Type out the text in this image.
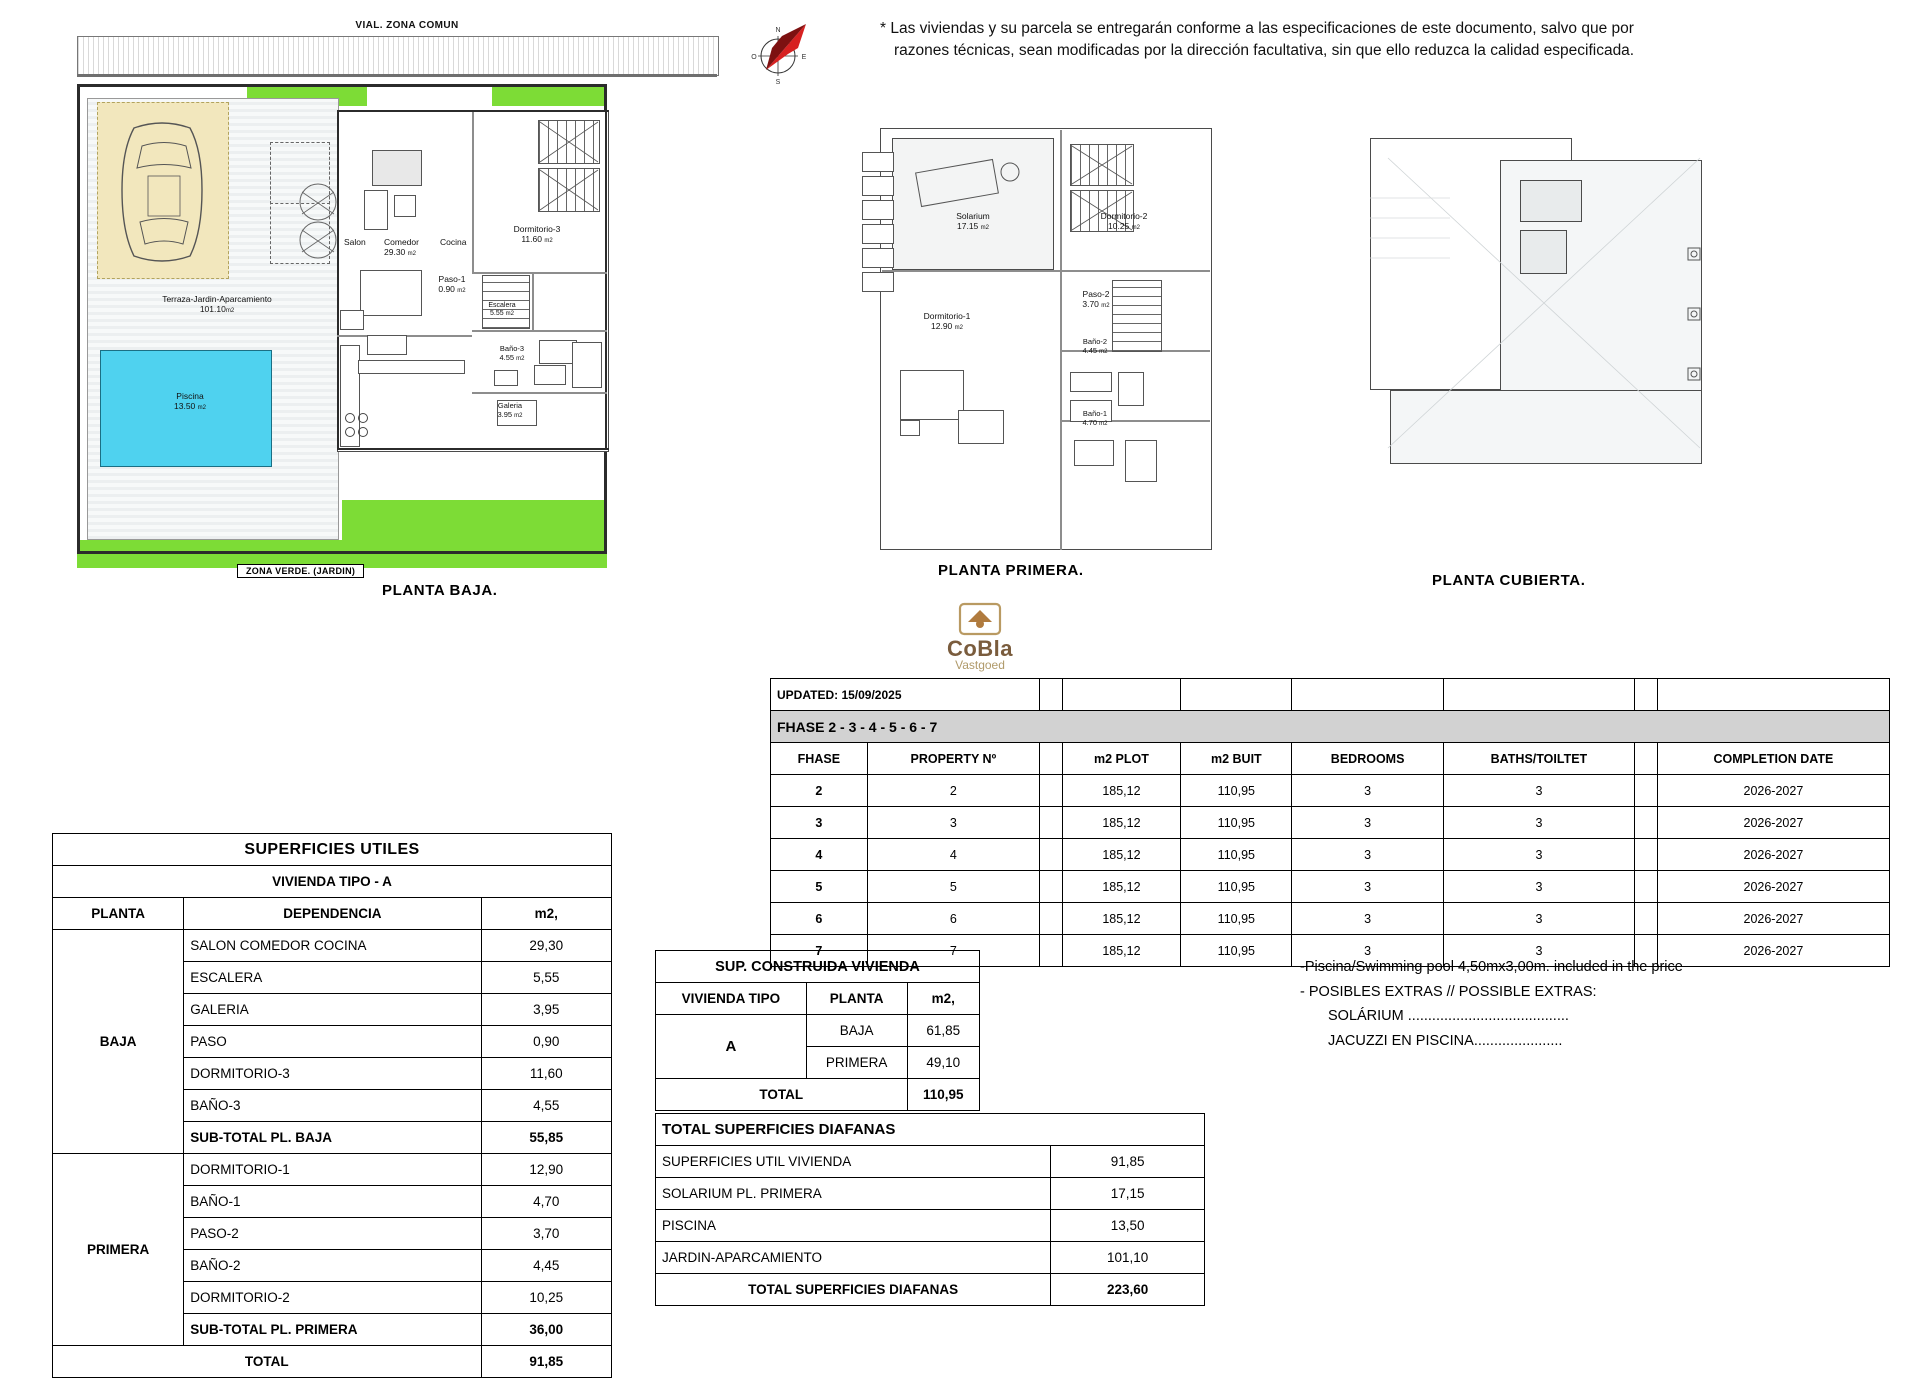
* Las viviendas y su parcela se entregarán conforme a las especificaciones de este documento, salvo que por
razones técnicas, sean modificadas por la dirección facultativa, sin que ello reduzca la calidad especificada.
N
S
O	E
VIAL. ZONA COMUN
Piscina
13.50 m2
Terraza-Jardin-Aparcamiento
101.10m2
Salon	Comedor
29.30 m2
Cocina
Dormitorio-3
11.60 m2
Paso-1
0.90 m2
Escalera
5.55 m2
Baño-3
4.55 m2
Galeria
3.95 m2
ZONA VERDE. (JARDIN)
PLANTA BAJA.
Solarium
17.15 m2
Dormitorio-2
10.25 m2
Dormitorio-1
12.90 m2
Paso-2
3.70 m2
Baño-2
4.45 m2
Baño-1
4.70 m2
PLANTA PRIMERA.
PLANTA CUBIERTA.
CoBla
Vastgoed
UPDATED: 15/09/2025								
FHASE 2 - 3 - 4 - 5 - 6 - 7								
FHASE	PROPERTY Nº		m2 PLOT	m2 BUIT	BEDROOMS	BATHS/TOILTET		COMPLETION DATE
2	2		185,12	110,95	3	3		2026-2027
3	3		185,12	110,95	3	3		2026-2027
4	4		185,12	110,95	3	3		2026-2027
5	5		185,12	110,95	3	3		2026-2027
6	6		185,12	110,95	3	3		2026-2027
7	7		185,12	110,95	3	3		2026-2027
-Piscina/Swimming pool 4,50mx3,00m. included in the price
- POSIBLES EXTRAS // POSSIBLE EXTRAS:
SOLÁRIUM ........................................
JACUZZI EN PISCINA......................
SUPERFICIES UTILES		
VIVIENDA TIPO - A		
PLANTA	DEPENDENCIA	m2,
BAJA	SALON COMEDOR COCINA	29,30
	ESCALERA	5,55
	GALERIA	3,95
	PASO	0,90
	DORMITORIO-3	11,60
	BAÑO-3	4,55
	SUB-TOTAL PL. BAJA	55,85
PRIMERA	DORMITORIO-1	12,90
	BAÑO-1	4,70
	PASO-2	3,70
	BAÑO-2	4,45
	DORMITORIO-2	10,25
	SUB-TOTAL PL. PRIMERA	36,00
TOTAL		91,85
SUP. CONSTRUIDA VIVIENDA		
VIVIENDA TIPO	PLANTA	m2,
A	BAJA	61,85
	PRIMERA	49,10
TOTAL		110,95
TOTAL SUPERFICIES DIAFANAS	
SUPERFICIES UTIL VIVIENDA	91,85
SOLARIUM PL. PRIMERA	17,15
PISCINA	13,50
JARDIN-APARCAMIENTO	101,10
TOTAL SUPERFICIES DIAFANAS	223,60
